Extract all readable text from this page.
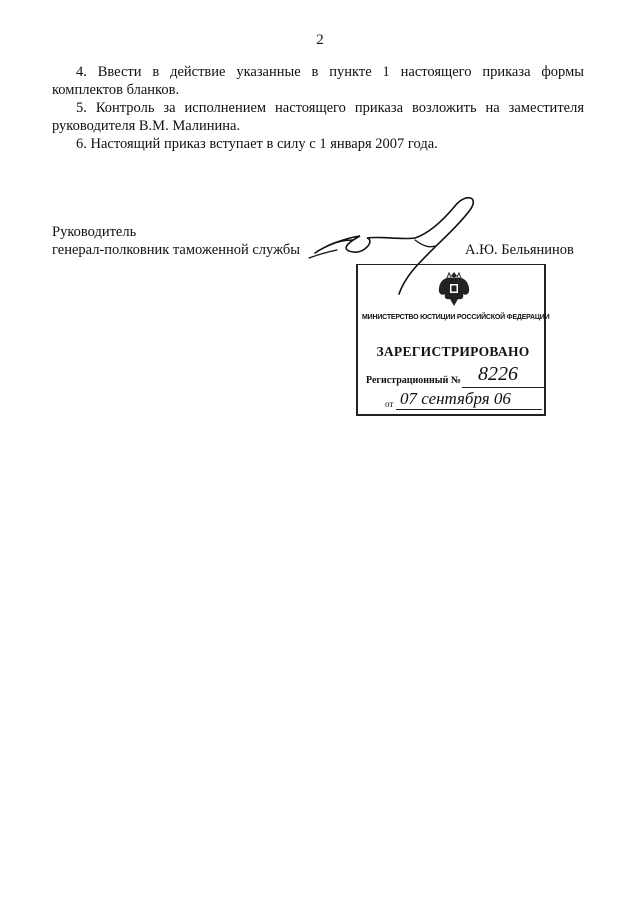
2

4. Ввести в действие указанные в пункте 1 настоящего приказа формы комплектов бланков.

5. Контроль за исполнением настоящего приказа возложить на заместителя руководителя В.М. Малинина.

6. Настоящий приказ вступает в силу с 1 января 2007 года.

Руководитель
генерал-полковник таможенной службы	А.Ю. Бельянинов
МИНИСТЕРСТВО ЮСТИЦИИ РОССИЙСКОЙ ФЕДЕРАЦИИ
ЗАРЕГИСТРИРОВАНО
Регистрационный № 8226
от 07 сентября 06
